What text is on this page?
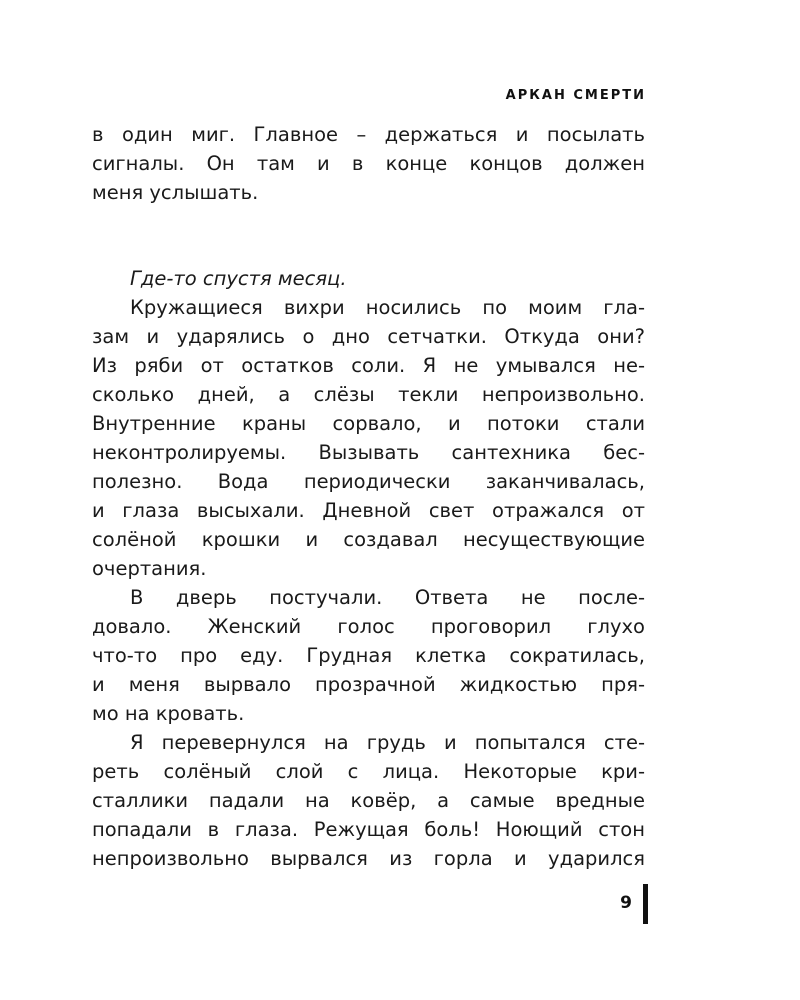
АРКАН СМЕРТИ
в один миг. Главное – держаться и посылать
сигналы. Он там и в конце концов должен
меня услышать.
Где-то спустя месяц.
Кружащиеся вихри носились по моим гла-
зам и ударялись о дно сетчатки. Откуда они?
Из ряби от остатков соли. Я не умывался не-
сколько дней, а слёзы текли непроизвольно.
Внутренние краны сорвало, и потоки стали
неконтролируемы. Вызывать сантехника бес-
полезно. Вода периодически заканчивалась,
и глаза высыхали. Дневной свет отражался от
солёной крошки и создавал несуществующие
очертания.
В дверь постучали. Ответа не после-
довало. Женский голос проговорил глухо
что-то про еду. Грудная клетка сократилась,
и меня вырвало прозрачной жидкостью пря-
мо на кровать.
Я перевернулся на грудь и попытался сте-
реть солёный слой с лица. Некоторые кри-
сталлики падали на ковёр, а самые вредные
попадали в глаза. Режущая боль! Ноющий стон
непроизвольно вырвался из горла и ударился
9
